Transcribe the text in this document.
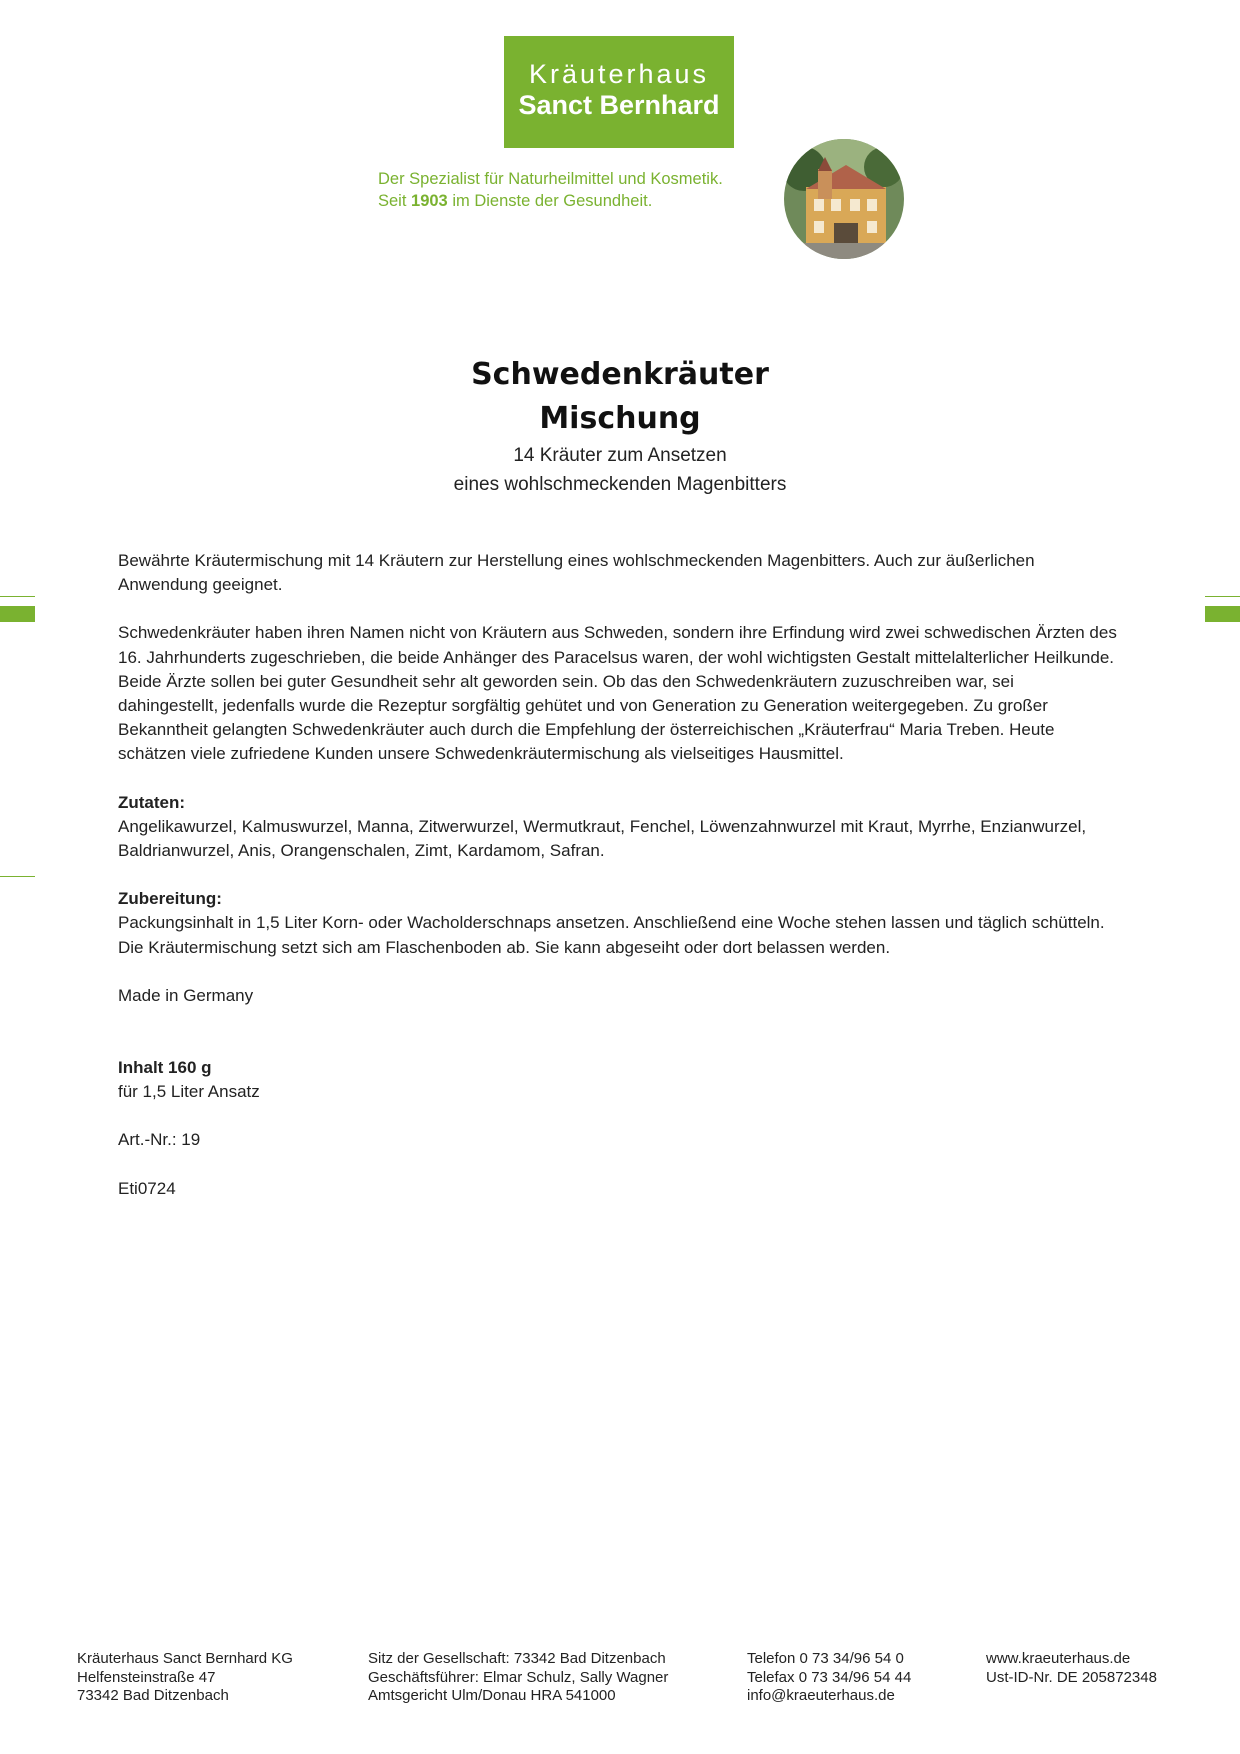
Kräuterhaus
Sanct Bernhard
Der Spezialist für Naturheilmittel und Kosmetik.
Seit 1903 im Dienste der Gesundheit.
Schwedenkräuter
Mischung
14 Kräuter zum Ansetzen
eines wohlschmeckenden Magenbitters

Bewährte Kräutermischung mit 14 Kräutern zur Herstellung eines wohlschmeckenden Magenbitters. Auch zur äußerlichen Anwendung geeignet.

Schwedenkräuter haben ihren Namen nicht von Kräutern aus Schweden, sondern ihre Erfindung wird zwei schwedischen Ärzten des 16. Jahrhunderts zugeschrieben, die beide Anhänger des Paracelsus waren, der wohl wichtigsten Gestalt mittelalterlicher Heilkunde. Beide Ärzte sollen bei guter Gesundheit sehr alt geworden sein. Ob das den Schwedenkräutern zuzuschreiben war, sei dahingestellt, jedenfalls wurde die Rezeptur sorgfältig gehütet und von Generation zu Generation weitergegeben. Zu großer Bekanntheit gelangten Schwedenkräuter auch durch die Empfehlung der österreichischen „Kräuterfrau“ Maria Treben. Heute schätzen viele zufriedene Kunden unsere Schwedenkräutermischung als vielseitiges Hausmittel.

Zutaten:

Angelikawurzel, Kalmuswurzel, Manna, Zitwerwurzel, Wermutkraut, Fenchel, Löwenzahnwurzel mit Kraut, Myrrhe, Enzianwurzel, Baldrianwurzel, Anis, Orangenschalen, Zimt, Kardamom, Safran.

Zubereitung:

Packungsinhalt in 1,5 Liter Korn- oder Wacholderschnaps ansetzen. Anschließend eine Woche stehen lassen und täglich schütteln. Die Kräutermischung setzt sich am Flaschenboden ab. Sie kann abgeseiht oder dort belassen werden.

Made in Germany

Inhalt 160 g

für 1,5 Liter Ansatz

Art.-Nr.: 19

Eti0724

Kräuterhaus Sanct Bernhard KG
Helfensteinstraße 47
73342 Bad Ditzenbach
Sitz der Gesellschaft: 73342 Bad Ditzenbach
Geschäftsführer: Elmar Schulz, Sally Wagner
Amtsgericht Ulm/Donau HRA 541000
Telefon 0 73 34/96 54 0
Telefax 0 73 34/96 54 44
info@kraeuterhaus.de
www.kraeuterhaus.de
Ust-ID-Nr. DE 205872348
